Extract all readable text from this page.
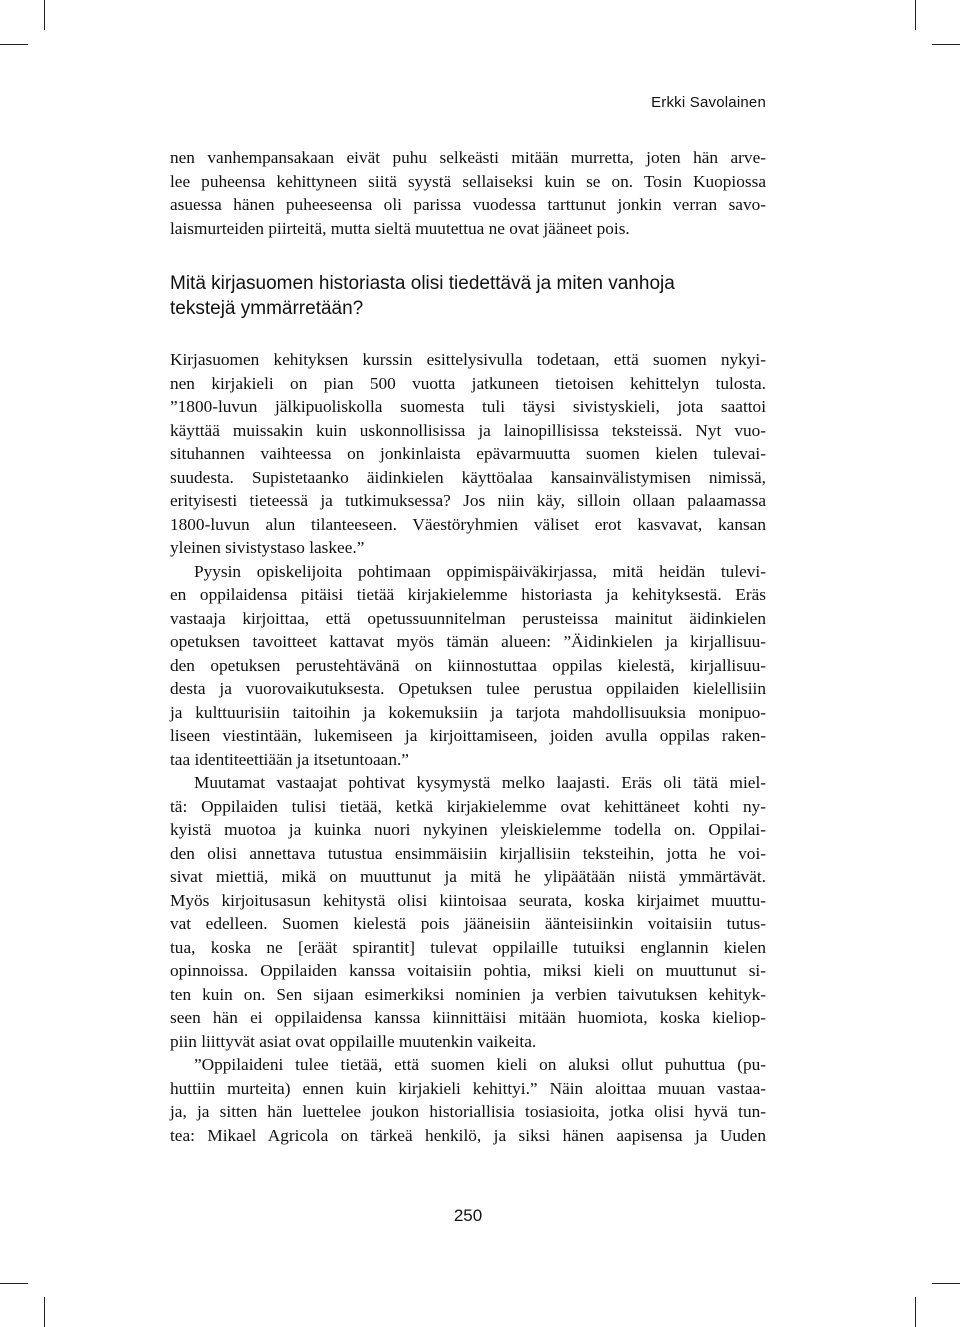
Erkki Savolainen
nen vanhempansakaan eivät puhu selkeästi mitään murretta, joten hän arve-
lee puheensa kehittyneen siitä syystä sellaiseksi kuin se on. Tosin Kuopiossa
asuessa hänen puheeseensa oli parissa vuodessa tarttunut jonkin verran savo-
laismurteiden piirteitä, mutta sieltä muutettua ne ovat jääneet pois.
Mitä kirjasuomen historiasta olisi tiedettävä ja miten vanhoja
tekstejä ymmärretään?
Kirjasuomen kehityksen kurssin esittelysivulla todetaan, että suomen nykyi-
nen kirjakieli on pian 500 vuotta jatkuneen tietoisen kehittelyn tulosta.
”1800-luvun jälkipuoliskolla suomesta tuli täysi sivistyskieli, jota saattoi
käyttää muissakin kuin uskonnollisissa ja lainopillisissa teksteissä. Nyt vuo-
situhannen vaihteessa on jonkinlaista epävarmuutta suomen kielen tulevai-
suudesta. Supistetaanko äidinkielen käyttöalaa kansainvälistymisen nimissä,
erityisesti tieteessä ja tutkimuksessa? Jos niin käy, silloin ollaan palaamassa
1800-luvun alun tilanteeseen. Väestöryhmien väliset erot kasvavat, kansan
yleinen sivistystaso laskee.”
Pyysin opiskelijoita pohtimaan oppimispäiväkirjassa, mitä heidän tulevi-
en oppilaidensa pitäisi tietää kirjakielemme historiasta ja kehityksestä. Eräs
vastaaja kirjoittaa, että opetussuunnitelman perusteissa mainitut äidinkielen
opetuksen tavoitteet kattavat myös tämän alueen: ”Äidinkielen ja kirjallisuu-
den opetuksen perustehtävänä on kiinnostuttaa oppilas kielestä, kirjallisuu-
desta ja vuorovaikutuksesta. Opetuksen tulee perustua oppilaiden kielellisiin
ja kulttuurisiin taitoihin ja kokemuksiin ja tarjota mahdollisuuksia monipuo-
liseen viestintään, lukemiseen ja kirjoittamiseen, joiden avulla oppilas raken-
taa identiteettiään ja itsetuntoaan.”
Muutamat vastaajat pohtivat kysymystä melko laajasti. Eräs oli tätä miel-
tä: Oppilaiden tulisi tietää, ketkä kirjakielemme ovat kehittäneet kohti ny-
kyistä muotoa ja kuinka nuori nykyinen yleiskielemme todella on. Oppilai-
den olisi annettava tutustua ensimmäisiin kirjallisiin teksteihin, jotta he voi-
sivat miettiä, mikä on muuttunut ja mitä he ylipäätään niistä ymmärtävät.
Myös kirjoitusasun kehitystä olisi kiintoisaa seurata, koska kirjaimet muuttu-
vat edelleen. Suomen kielestä pois jääneisiin äänteisiinkin voitaisiin tutus-
tua, koska ne [eräät spirantit] tulevat oppilaille tutuiksi englannin kielen
opinnoissa. Oppilaiden kanssa voitaisiin pohtia, miksi kieli on muuttunut si-
ten kuin on. Sen sijaan esimerkiksi nominien ja verbien taivutuksen kehityk-
seen hän ei oppilaidensa kanssa kiinnittäisi mitään huomiota, koska kieliop-
piin liittyvät asiat ovat oppilaille muutenkin vaikeita.
”Oppilaideni tulee tietää, että suomen kieli on aluksi ollut puhuttua (pu-
huttiin murteita) ennen kuin kirjakieli kehittyi.” Näin aloittaa muuan vastaa-
ja, ja sitten hän luettelee joukon historiallisia tosiasioita, jotka olisi hyvä tun-
tea: Mikael Agricola on tärkeä henkilö, ja siksi hänen aapisensa ja Uuden
250
